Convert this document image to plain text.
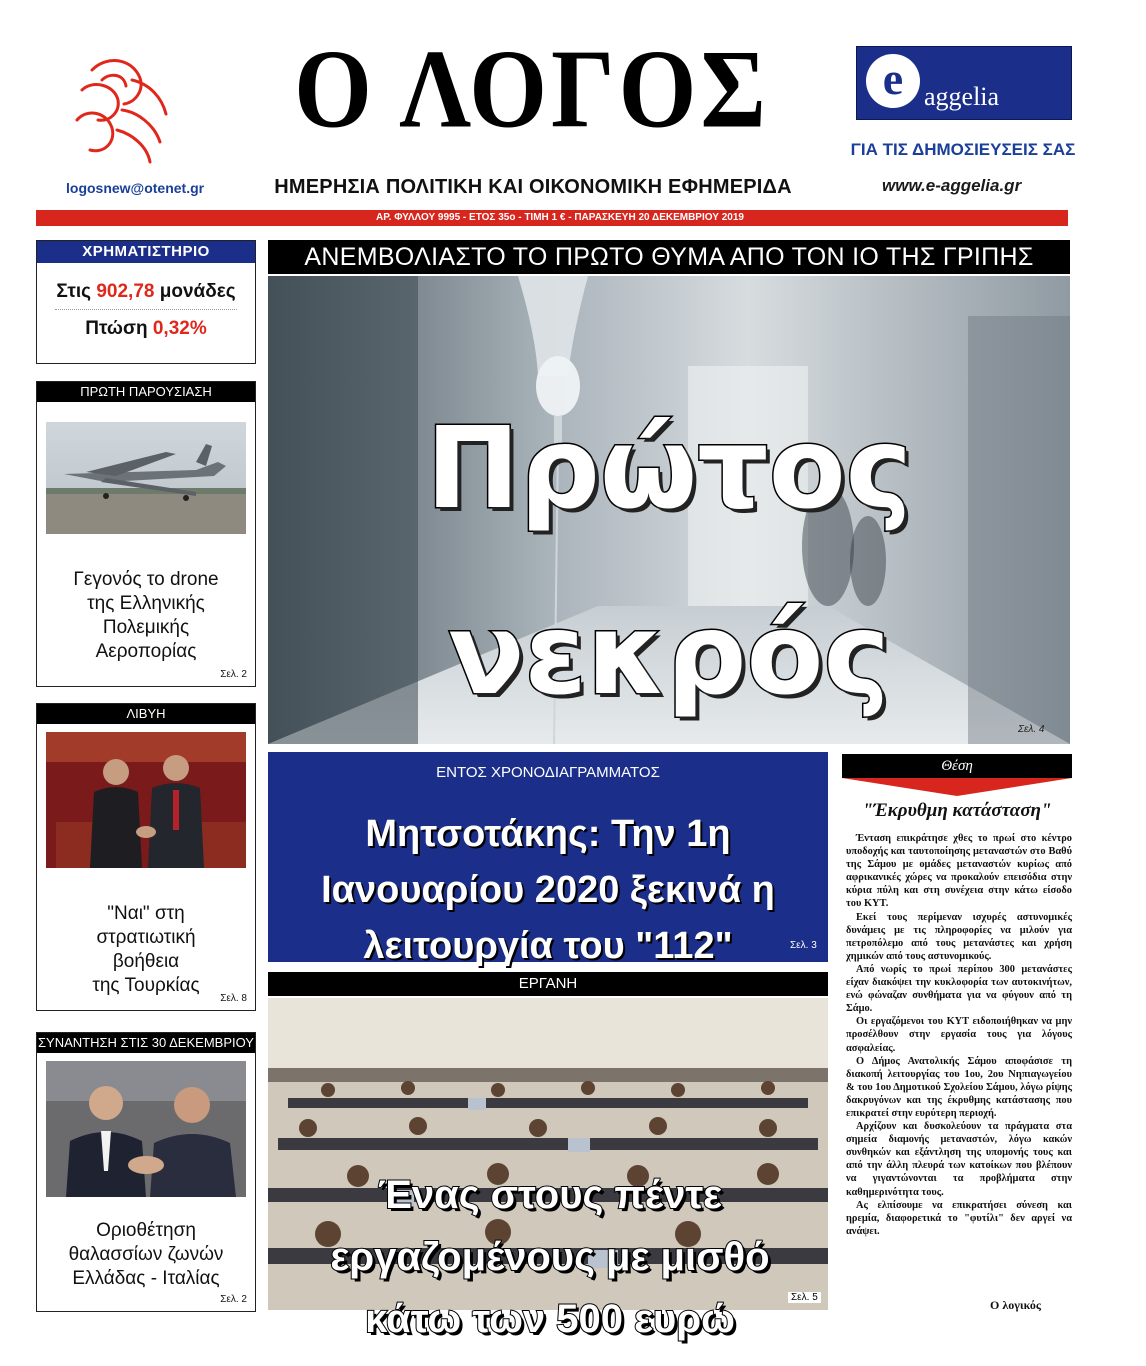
logosnew@otenet.gr
Ο ΛΟΓΟΣ
ΗΜΕΡΗΣΙΑ ΠΟΛΙΤΙΚΗ ΚΑΙ ΟΙΚΟΝΟΜΙΚΗ ΕΦΗΜΕΡΙΔΑ
e aggelia
ΓΙΑ ΤΙΣ ΔΗΜΟΣΙΕΥΣΕΙΣ ΣΑΣ
www.e-aggelia.gr
ΑΡ. ΦΥΛΛΟΥ 9995 - ΕΤΟΣ 35ο - ΤΙΜΗ 1 € - ΠΑΡΑΣΚΕΥΗ 20 ΔΕΚΕΜΒΡΙΟΥ 2019
ΧΡΗΜΑΤΙΣΤΗΡΙΟ
Στις 902,78 μονάδες
Πτώση 0,32%
ΠΡΩΤΗ ΠΑΡΟΥΣΙΑΣΗ
Γεγονός το drone
της Ελληνικής
Πολεμικής
Αεροπορίας
Σελ. 2
ΛΙΒΥΗ
"Ναι" στη
στρατιωτική
βοήθεια
της Τουρκίας
Σελ. 8
ΣΥΝΑΝΤΗΣΗ ΣΤΙΣ 30 ΔΕΚΕΜΒΡΙΟΥ
Οριοθέτηση
θαλασσίων ζωνών
Ελλάδας - Ιταλίας
Σελ. 2
ΑΝΕΜΒΟΛΙΑΣΤΟ ΤΟ ΠΡΩΤΟ ΘΥΜΑ ΑΠΟ ΤΟΝ ΙΟ ΤΗΣ ΓΡΙΠΗΣ
Πρώτος
νεκρός
Σελ. 4
ΕΝΤΟΣ ΧΡΟΝΟΔΙΑΓΡΑΜΜΑΤΟΣ
Μητσοτάκης: Την 1η Ιανουαρίου 2020 ξεκινά η λειτουργία του "112"	Σελ. 3
ΕΡΓΑΝΗ
Ένας στους πέντε εργαζομένους με μισθό κάτω των 500 ευρώ	Σελ. 5
Θέση
"Έκρυθμη κατάσταση"

Ένταση επικράτησε χθες το πρωί στο κέντρο υποδοχής και ταυτοποίησης μεταναστών στο Βαθύ της Σάμου με ομάδες μεταναστών κυρίως από αφρικανικές χώρες να προκαλούν επεισόδια στην κύρια πύλη και στη συνέχεια στην κάτω είσοδο του ΚΥΤ.

Εκεί τους περίμεναν ισχυρές αστυνομικές δυνάμεις με τις πληροφορίες να μιλούν για πετροπόλεμο από τους μετανάστες και χρήση χημικών από τους αστυνομικούς.

Από νωρίς το πρωί περίπου 300 μετανάστες είχαν διακόψει την κυκλοφορία των αυτοκινήτων, ενώ φώναζαν συνθήματα για να φύγουν από τη Σάμο.

Οι εργαζόμενοι του ΚΥΤ ειδοποιήθηκαν να μην προσέλθουν στην εργασία τους για λόγους ασφαλείας.

Ο Δήμος Ανατολικής Σάμου αποφάσισε τη διακοπή λειτουργίας του 1ου, 2ου Νηπιαγωγείου & του 1ου Δημοτικού Σχολείου Σάμου, λόγω ρίψης δακρυγόνων και της έκρυθμης κατάστασης που επικρατεί στην ευρύτερη περιοχή.

Αρχίζουν και δυσκολεύουν τα πράγματα στα σημεία διαμονής μεταναστών, λόγω κακών συνθηκών και εξάντληση της υπομονής τους και από την άλλη πλευρά των κατοίκων που βλέπουν να γιγαντώνονται τα προβλήματα στην καθημερινότητα τους.

Ας ελπίσουμε να επικρατήσει σύνεση και ηρεμία, διαφορετικά το "φυτίλι" δεν αργεί να ανάψει.

Ο λογικός
